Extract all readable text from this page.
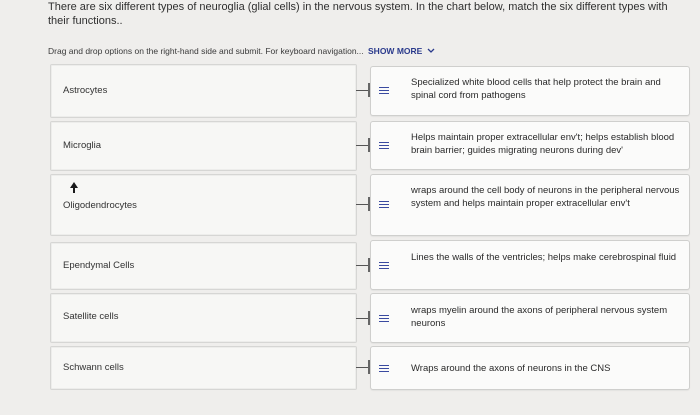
There are six different types of neuroglia (glial cells) in the nervous system. In the chart below, match the six different types with their functions..
Drag and drop options on the right-hand side and submit. For keyboard navigation... SHOW MORE
Astrocytes
Specialized white blood cells that help protect the brain and spinal cord from pathogens
Microglia
Helps maintain proper extracellular env't; helps establish blood brain barrier; guides migrating neurons during dev'
Oligodendrocytes
wraps around the cell body of neurons in the peripheral nervous system and helps maintain proper extracellular env't
Ependymal Cells
Lines the walls of the ventricles; helps make cerebrospinal fluid
Satellite cells
wraps myelin around the axons of peripheral nervous system neurons
Schwann cells	Wraps around the axons of neurons in the CNS
